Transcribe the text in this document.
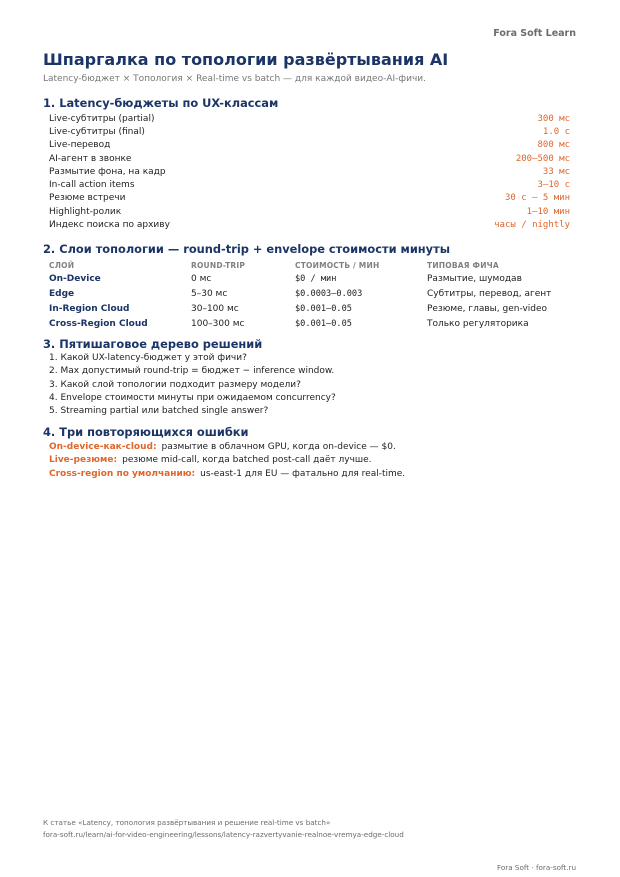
Fora Soft Learn
Шпаргалка по топологии развёртывания AI
Latency-бюджет × Топология × Real-time vs batch — для каждой видео-AI-фичи.
1. Latency-бюджеты по UX-классам
Live-субтитры (partial)	300 мс
Live-субтитры (final)	1.0 с
Live-перевод	800 мс
AI-агент в звонке	200–500 мс
Размытие фона, на кадр	33 мс
In-call action items	3–10 с
Резюме встречи	30 с – 5 мин
Highlight-ролик	1–10 мин
Индекс поиска по архиву	часы / nightly
2. Слои топологии — round-trip + envelope стоимости минуты
СЛОЙ	ROUND-TRIP	СТОИМОСТЬ / МИН	ТИПОВАЯ ФИЧА
On-Device	0 мс	$0 / мин	Размытие, шумодав
Edge	5–30 мс	$0.0003–0.003	Субтитры, перевод, агент
In-Region Cloud	30–100 мс	$0.001–0.05	Резюме, главы, gen-video
Cross-Region Cloud	100–300 мс	$0.001–0.05	Только регуляторика
3. Пятишаговое дерево решений
1. Какой UX-latency-бюджет у этой фичи?
2. Max допустимый round-trip = бюджет − inference window.
3. Какой слой топологии подходит размеру модели?
4. Envelope стоимости минуты при ожидаемом concurrency?
5. Streaming partial или batched single answer?
4. Три повторяющихся ошибки
On-device-как-cloud: размытие в облачном GPU, когда on-device — $0.
Live-резюме: резюме mid-call, когда batched post-call даёт лучше.
Cross-region по умолчанию: us-east-1 для EU — фатально для real-time.
К статье «Latency, топология развёртывания и решение real-time vs batch»
fora-soft.ru/learn/ai-for-video-engineering/lessons/latency-razvertyvanie-realnoe-vremya-edge-cloud
Fora Soft · fora-soft.ru
